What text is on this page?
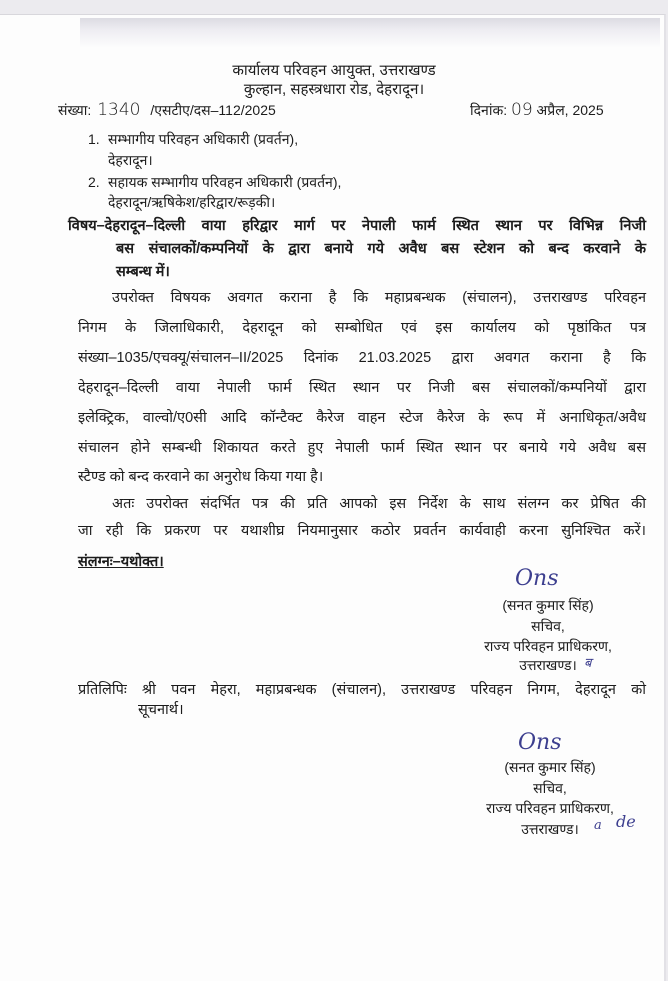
कार्यालय परिवहन आयुक्त, उत्तराखण्ड
कुल्हान, सहस्त्रधारा रोड, देहरादून।
संख्या: 1340 /एसटीए/दस–112/2025	दिनांक: 09 अप्रैल, 2025
1. सम्भागीय परिवहन अधिकारी (प्रवर्तन),
देहरादून।
2. सहायक सम्भागीय परिवहन अधिकारी (प्रवर्तन),
देहरादून/ऋषिकेश/हरिद्वार/रूड़की।
विषय–देहरादून–दिल्ली वाया हरिद्वार मार्ग पर नेपाली फार्म स्थित स्थान पर विभिन्न निजी
बस संचालकों/कम्पनियों के द्वारा बनाये गये अवैध बस स्टेशन को बन्द करवाने के
सम्बन्ध में।
उपरोक्त विषयक अवगत कराना है कि महाप्रबन्धक (संचालन), उत्तराखण्ड परिवहन
निगम के जिलाधिकारी, देहरादून को सम्बोधित एवं इस कार्यालय को पृष्ठांकित पत्र
संख्या–1035/एचक्यू/संचालन–II/2025 दिनांक 21.03.2025 द्वारा अवगत कराना है कि
देहरादून–दिल्ली वाया नेपाली फार्म स्थित स्थान पर निजी बस संचालकों/कम्पनियों द्वारा
इलेक्ट्रिक, वाल्वो/ए0सी आदि कॉन्टैक्ट कैरेज वाहन स्टेज कैरेज के रूप में अनाधिकृत/अवैध
संचालन होने सम्बन्धी शिकायत करते हुए नेपाली फार्म स्थित स्थान पर बनाये गये अवैध बस
स्टैण्ड को बन्द करवाने का अनुरोध किया गया है।
अतः उपरोक्त संदर्भित पत्र की प्रति आपको इस निर्देश के साथ संलग्न कर प्रेषित की
जा रही कि प्रकरण पर यथाशीघ्र नियमानुसार कठोर प्रवर्तन कार्यवाही करना सुनिश्चित करें।
संलग्नः–यथोक्त।
Ons
(सनत कुमार सिंह)
सचिव,
राज्य परिवहन प्राधिकरण,
उत्तराखण्ड। ब
प्रतिलिपिः श्री पवन मेहरा, महाप्रबन्धक (संचालन), उत्तराखण्ड परिवहन निगम, देहरादून को
सूचनार्थ।
Ons
(सनत कुमार सिंह)
सचिव,
राज्य परिवहन प्राधिकरण,
उत्तराखण्ड।	a de
